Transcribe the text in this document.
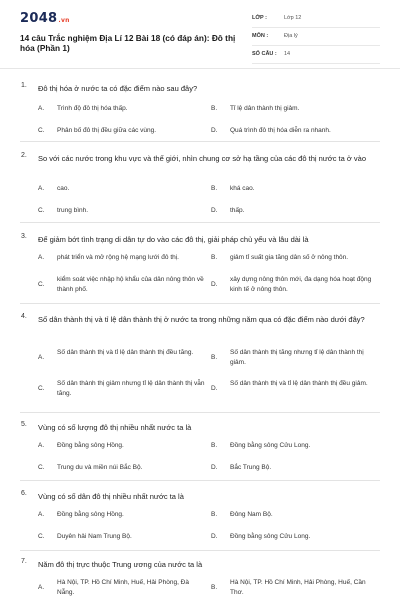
2048.vn
14 câu Trắc nghiệm Địa Lí 12 Bài 18 (có đáp án): Đô thị hóa (Phần 1)
LỚP :	Lớp 12
MÔN :	Địa lý
SỐ CÂU : 14
1. Đô thị hóa ở nước ta có đặc điểm nào sau đây?
A. Trình độ đô thị hóa thấp.	B. Tỉ lệ dân thành thị giảm.
C. Phân bố đô thị đều giữa các vùng.	D. Quá trình đô thị hóa diễn ra nhanh.
2. So với các nước trong khu vực và thế giới, nhìn chung cơ sở hạ tầng của các đô thị nước ta ở vào
A. cao.	B. khá cao.
C. trung bình.	D. thấp.
3. Để giảm bớt tình trạng di dân tự do vào các đô thị, giải pháp chủ yếu và lâu dài là
A. phát triển và mở rộng hệ mạng lưới đô thị.	B. giảm tỉ suất gia tăng dân số ở nông thôn.
C.
kiểm soát việc nhập hộ khẩu của dân nông thôn về thành phố.
D.
xây dựng nông thôn mới, đa dạng hóa hoạt động kinh tế ở nông thôn.
4. Số dân thành thị và tỉ lệ dân thành thị ở nước ta trong những năm qua có đặc điểm nào dưới đây?
A.
Số dân thành thị và tỉ lệ dân thành thị đều tăng.
B.
Số dân thành thị tăng nhưng tỉ lệ dân thành thị giảm.
C.
Số dân thành thị giảm nhưng tỉ lệ dân thành thị vẫn tăng.
D.
Số dân thành thị và tỉ lệ dân thành thị đều giảm.
5. Vùng có số lượng đô thị nhiều nhất nước ta là
A. Đồng bằng sông Hồng.	B. Đồng bằng sông Cửu Long.
C. Trung du và miền núi Bắc Bộ.	D. Bắc Trung Bộ.
6. Vùng có số dân đô thị nhiều nhất nước ta là
A. Đồng bằng sông Hồng.	B. Đông Nam Bộ.
C. Duyên hải Nam Trung Bộ.	D. Đồng bằng sông Cửu Long.
7. Năm đô thị trực thuộc Trung ương của nước ta là
A.
Hà Nội, TP. Hồ Chí Minh, Huế, Hải Phòng, Đà Nẵng.
B.
Hà Nội, TP. Hồ Chí Minh, Hải Phòng, Huế, Cần Thơ.
